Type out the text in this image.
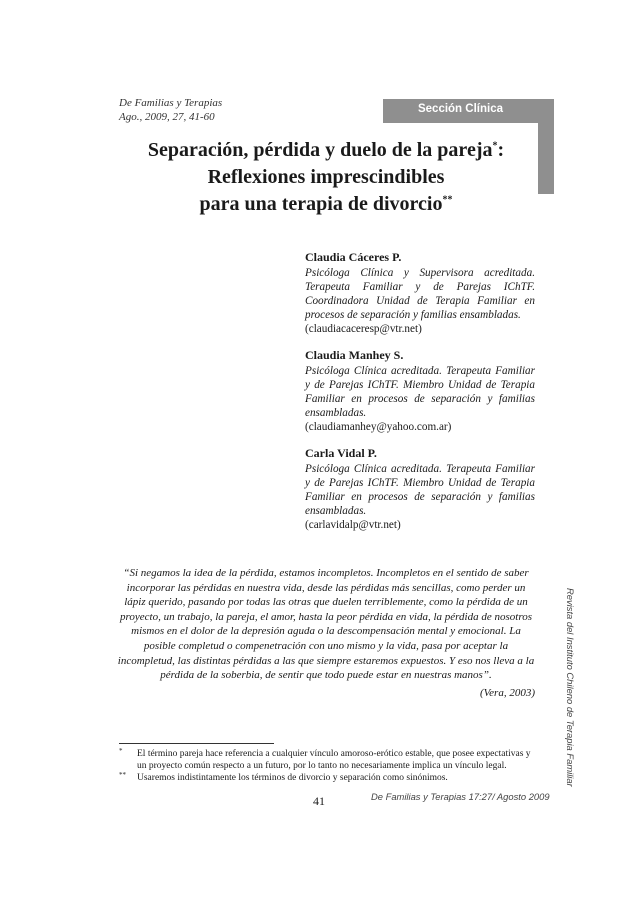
De Familias y Terapias
Ago., 2009, 27, 41-60
Sección Clínica
Separación, pérdida y duelo de la pareja*:
Reflexiones imprescindibles
para una terapia de divorcio**
Claudia Cáceres P.
Psicóloga Clínica y Supervisora acreditada. Terapeuta Familiar y de Parejas IChTF. Coordinadora Unidad de Terapia Familiar en procesos de separación y familias ensambladas.
(claudiacaceresp@vtr.net)
Claudia Manhey S.
Psicóloga Clínica acreditada. Terapeuta Familiar y de Parejas IChTF. Miembro Unidad de Terapia Familiar en procesos de separación y familias ensambladas.
(claudiamanhey@yahoo.com.ar)
Carla Vidal P.
Psicóloga Clínica acreditada. Terapeuta Familiar y de Parejas IChTF. Miembro Unidad de Terapia Familiar en procesos de separación y familias ensambladas.
(carlavidalp@vtr.net)
“Si negamos la idea de la pérdida, estamos incompletos. Incompletos en el sentido de saber incorporar las pérdidas en nuestra vida, desde las pérdidas más sencillas, como perder un lápiz querido, pasando por todas las otras que duelen terriblemente, como la pérdida de un proyecto, un trabajo, la pareja, el amor, hasta la peor pérdida en vida, la pérdida de nosotros mismos en el dolor de la depresión aguda o la descompensación mental y emocional. La posible completud o compenetración con uno mismo y la vida, pasa por aceptar la incompletud, las distintas pérdidas a las que siempre estaremos expuestos. Y eso nos lleva a la pérdida de la soberbia, de sentir que todo puede estar en nuestras manos”.
(Vera, 2003)	Revista del Instituto Chileno de Terapia Familiar
* El término pareja hace referencia a cualquier vínculo amoroso-erótico estable, que posee expectativas y un proyecto común respecto a un futuro, por lo tanto no necesariamente implica un vínculo legal.
** Usaremos indistintamente los términos de divorcio y separación como sinónimos.
De Familias y Terapias 17:27/ Agosto 2009
41
